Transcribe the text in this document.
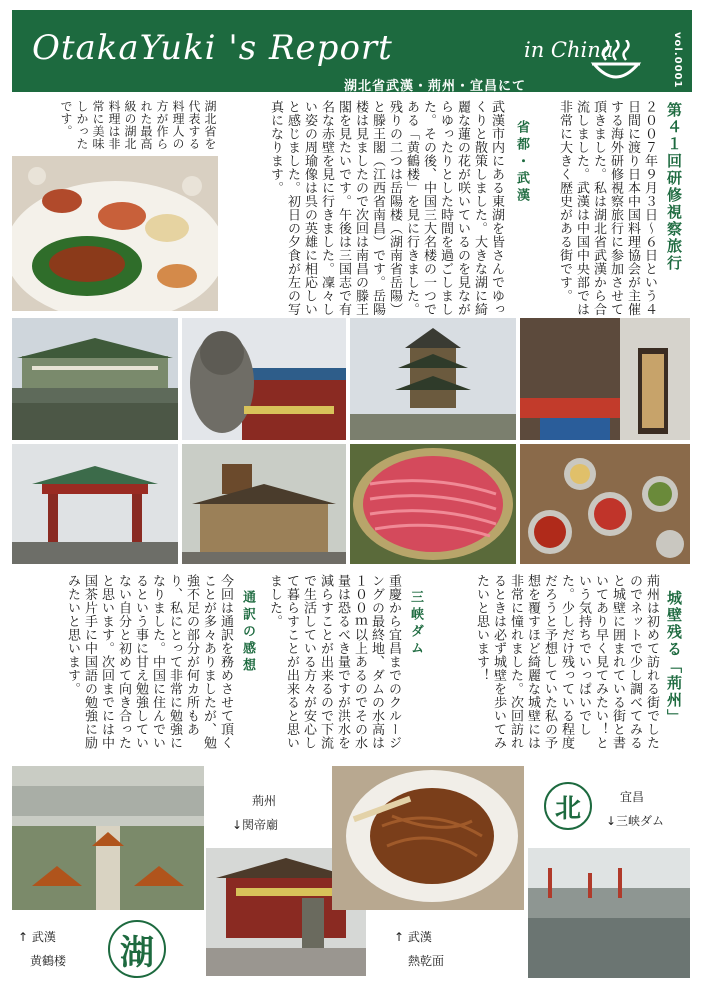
OtakaYuki 's Report	in China	vol.0001
湖北省武漢・荊州・宜昌にて
第４１回研修視察旅行
２００７年９月３日〜６日という４日間に渡り日本中国料理協会が主催する海外研修視察旅行に参加させて頂きました。私は湖北省武漢から合流しました。武漢は中国中央部では非常に大きく歴史がある街です。
省都・武漢
武漢市内にある東湖を皆さんでゆっくりと散策しました。大きな湖に綺麗な蓮の花が咲いているのを見ながらゆったりとした時間を過ごしました。その後、中国三大名楼の一つである「黄鶴楼」を見に行きました。残りの二つは岳陽楼（湖南省岳陽）と滕王閣（江西省南昌）です。岳陽楼は見ましたので次回は南昌の滕王閣を見たいです。午後は三国志で有名な赤壁を見に行きました。凜々しい姿の周瑜像は呉の英雄に相応しいと感じました。初日の夕食が左の写真になります。
湖北省を代表する料理人の方が作られた最高級の湖北料理は非常に美味しかったです。
城壁残る「荊州」
荊州は初めて訪れる街でしたのでネットで少し調べてみると城壁に囲まれている街と書いてあり早く見てみたい！という気持ちでいっぱいでした。少しだけ残っている程度だろうと予想していた私の予想を覆すほど綺麗な城壁には非常に憧れました。次回訪れるときは必ず城壁を歩いてみたいと思います！
三峡ダム
重慶から宜昌までのクルージングの最終地、ダムの水高は１００ｍ以上あるのでその水量は恐るべき量ですが洪水を減らすことが出来るので下流で生活している方々が安心して暮らすことが出来ると思いました。
通訳の感想
今回は通訳を務めさせて頂くことが多々ありましたが、勉強不足の部分が何カ所もあり、私にとって非常に勉強になりました。中国に住んでいるという事に甘え勉強していない自分と初めて向き合ったと思います。次回までには中国茶片手に中国語の勉強に励みたいと思います。
荊州
↓関帝廟
北	宜昌
↓三峡ダム
↑ 武漢
黄鶴楼	湖	↑ 武漢
熱乾面
